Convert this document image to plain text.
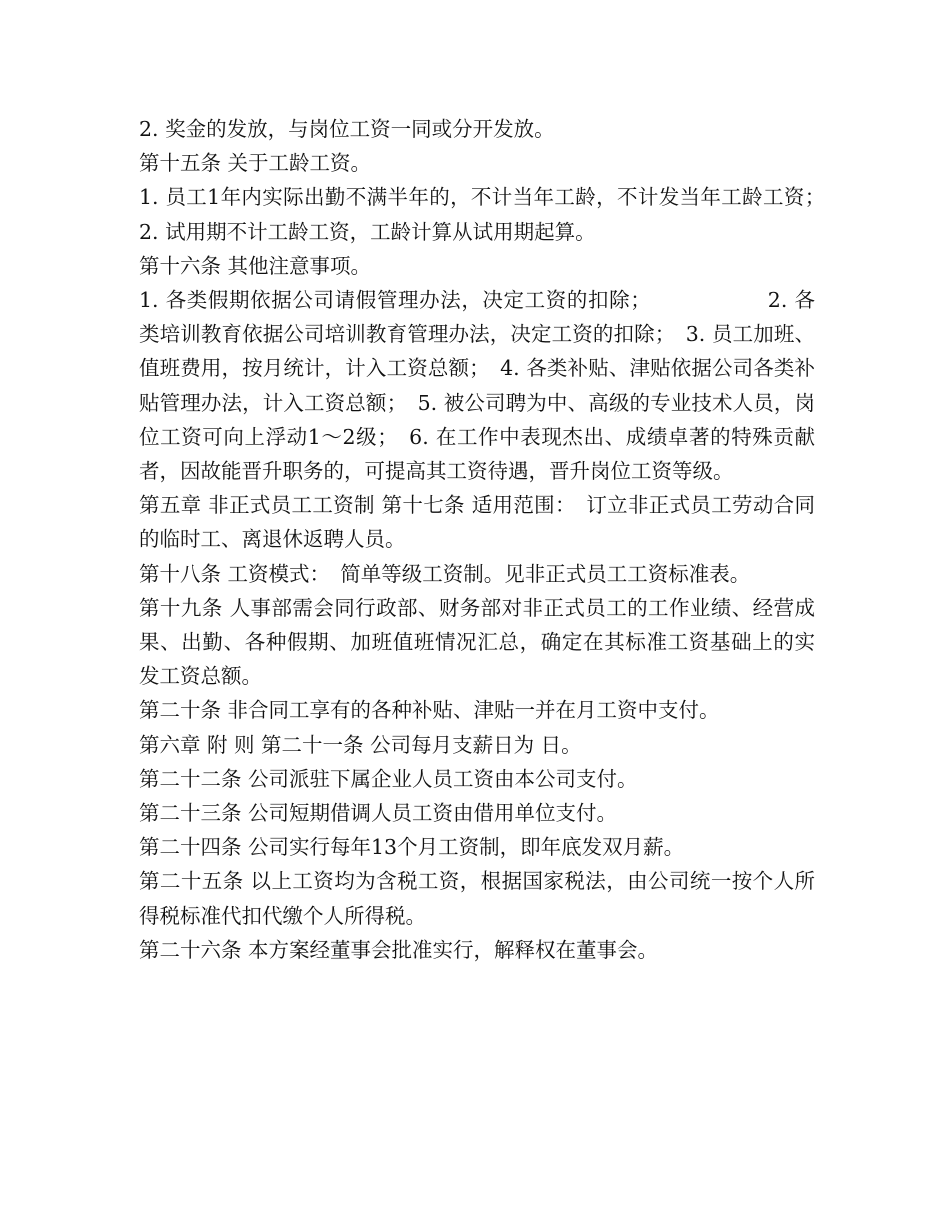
2. 奖金的发放，与岗位工资一同或分开发放。

第十五条 关于工龄工资。

1. 员工1年内实际出勤不满半年的，不计当年工龄，不计发当年工龄工资；　2. 试用期不计工龄工资，工龄计算从试用期起算。

第十六条 其他注意事项。

1. 各类假期依据公司请假管理办法，决定工资的扣除；　　　　　　2. 各类培训教育依据公司培训教育管理办法，决定工资的扣除；　3. 员工加班、值班费用，按月统计，计入工资总额；　4. 各类补贴、津贴依据公司各类补贴管理办法，计入工资总额；　5. 被公司聘为中、高级的专业技术人员，岗位工资可向上浮动1～2级；　6. 在工作中表现杰出、成绩卓著的特殊贡献者，因故能晋升职务的，可提高其工资待遇，晋升岗位工资等级。

第五章 非正式员工工资制 第十七条 适用范围：　订立非正式员工劳动合同的临时工、离退休返聘人员。

第十八条 工资模式：　简单等级工资制。见非正式员工工资标准表。

第十九条 人事部需会同行政部、财务部对非正式员工的工作业绩、经营成果、出勤、各种假期、加班值班情况汇总，确定在其标准工资基础上的实发工资总额。

第二十条 非合同工享有的各种补贴、津贴一并在月工资中支付。

第六章 附 则 第二十一条 公司每月支薪日为 日。

第二十二条 公司派驻下属企业人员工资由本公司支付。

第二十三条 公司短期借调人员工资由借用单位支付。

第二十四条 公司实行每年13个月工资制，即年底发双月薪。

第二十五条 以上工资均为含税工资，根据国家税法，由公司统一按个人所得税标准代扣代缴个人所得税。

第二十六条 本方案经董事会批准实行，解释权在董事会。
